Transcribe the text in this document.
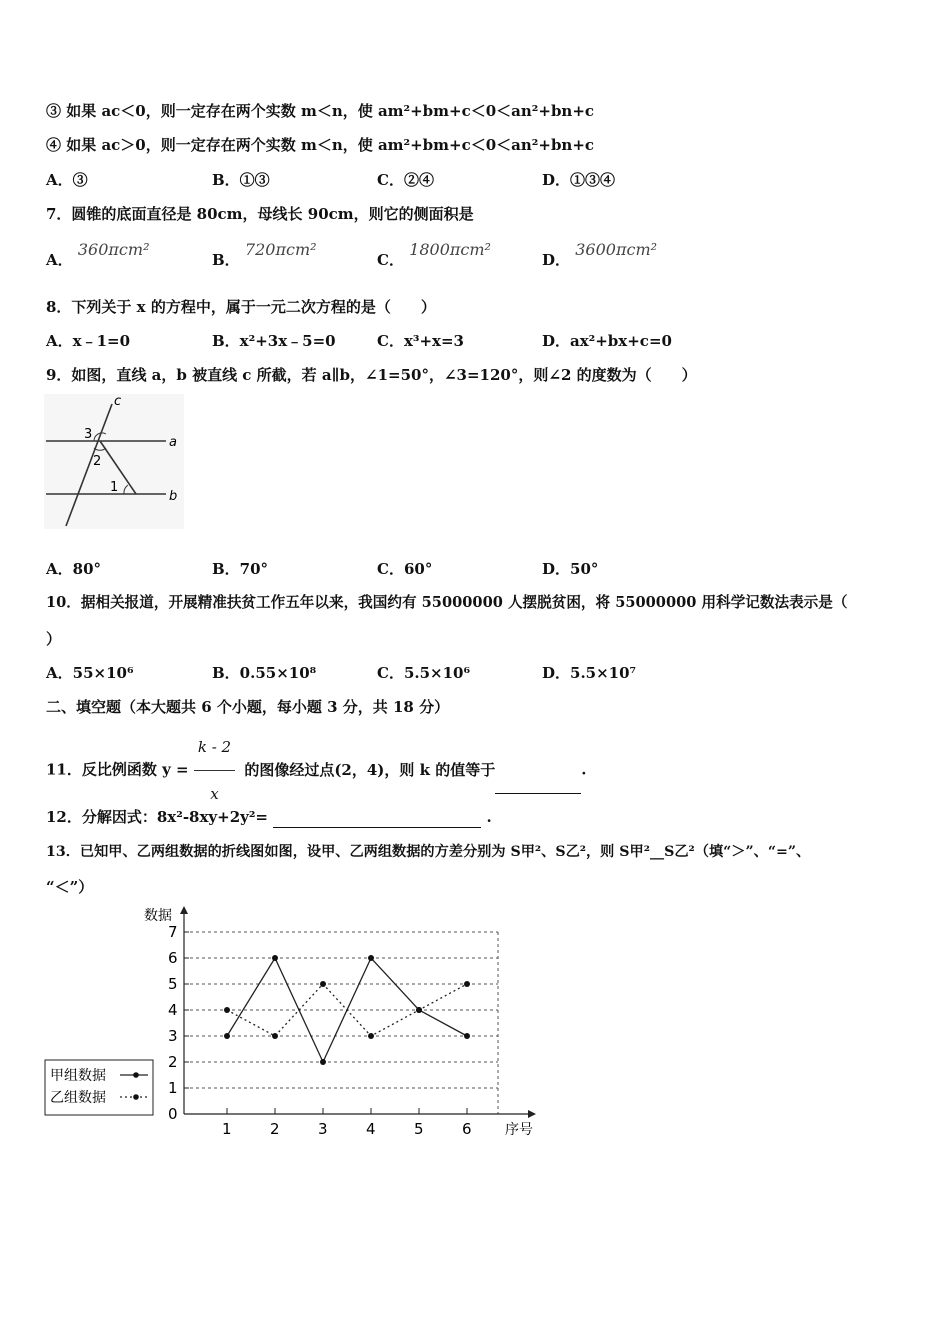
③ 如果 ac＜0，则一定存在两个实数 m＜n，使 am²+bm+c＜0＜an²+bn+c
④ 如果 ac＞0，则一定存在两个实数 m＜n，使 am²+bm+c＜0＜an²+bn+c
A．③	B．①③	C．②④	D．①③④
7．圆锥的底面直径是 80cm，母线长 90cm，则它的侧面积是
A． 360πcm²
B． 720πcm²
C． 1800πcm²
D． 3600πcm²
8．下列关于 x 的方程中，属于一元二次方程的是（　　）
A．x﹣1=0	B．x²+3x﹣5=0	C．x³+x=3	D．ax²+bx+c=0
9．如图，直线 a，b 被直线 c 所截，若 a∥b，∠1=50°，∠3=120°，则∠2 的度数为（　　）
c
a
b
3
2
1
A．80°	B．70°	C．60°	D．50°
10．据相关报道，开展精准扶贫工作五年以来，我国约有 55000000 人摆脱贫困，将 55000000 用科学记数法表示是（
）
A．55×10⁶	B．0.55×10⁸	C．5.5×10⁶	D．5.5×10⁷
二、填空题（本大题共 6 个小题，每小题 3 分，共 18 分）
11．反比例函数 $y = \frac{k - 2}{x}$ 的图像经过点(2，4)，则 k 的值等于	.
12．分解因式：8x²-8xy+2y²=	.
13．已知甲、乙两组数据的折线图如图，设甲、乙两组数据的方差分别为 S甲²、S乙²，则 S甲²__S乙²（填“＞”、“=”、
“＜”）
数据
序号
0
1
2
3
4
5
6
7
1	2	3	4	5	6
甲组数据
乙组数据
